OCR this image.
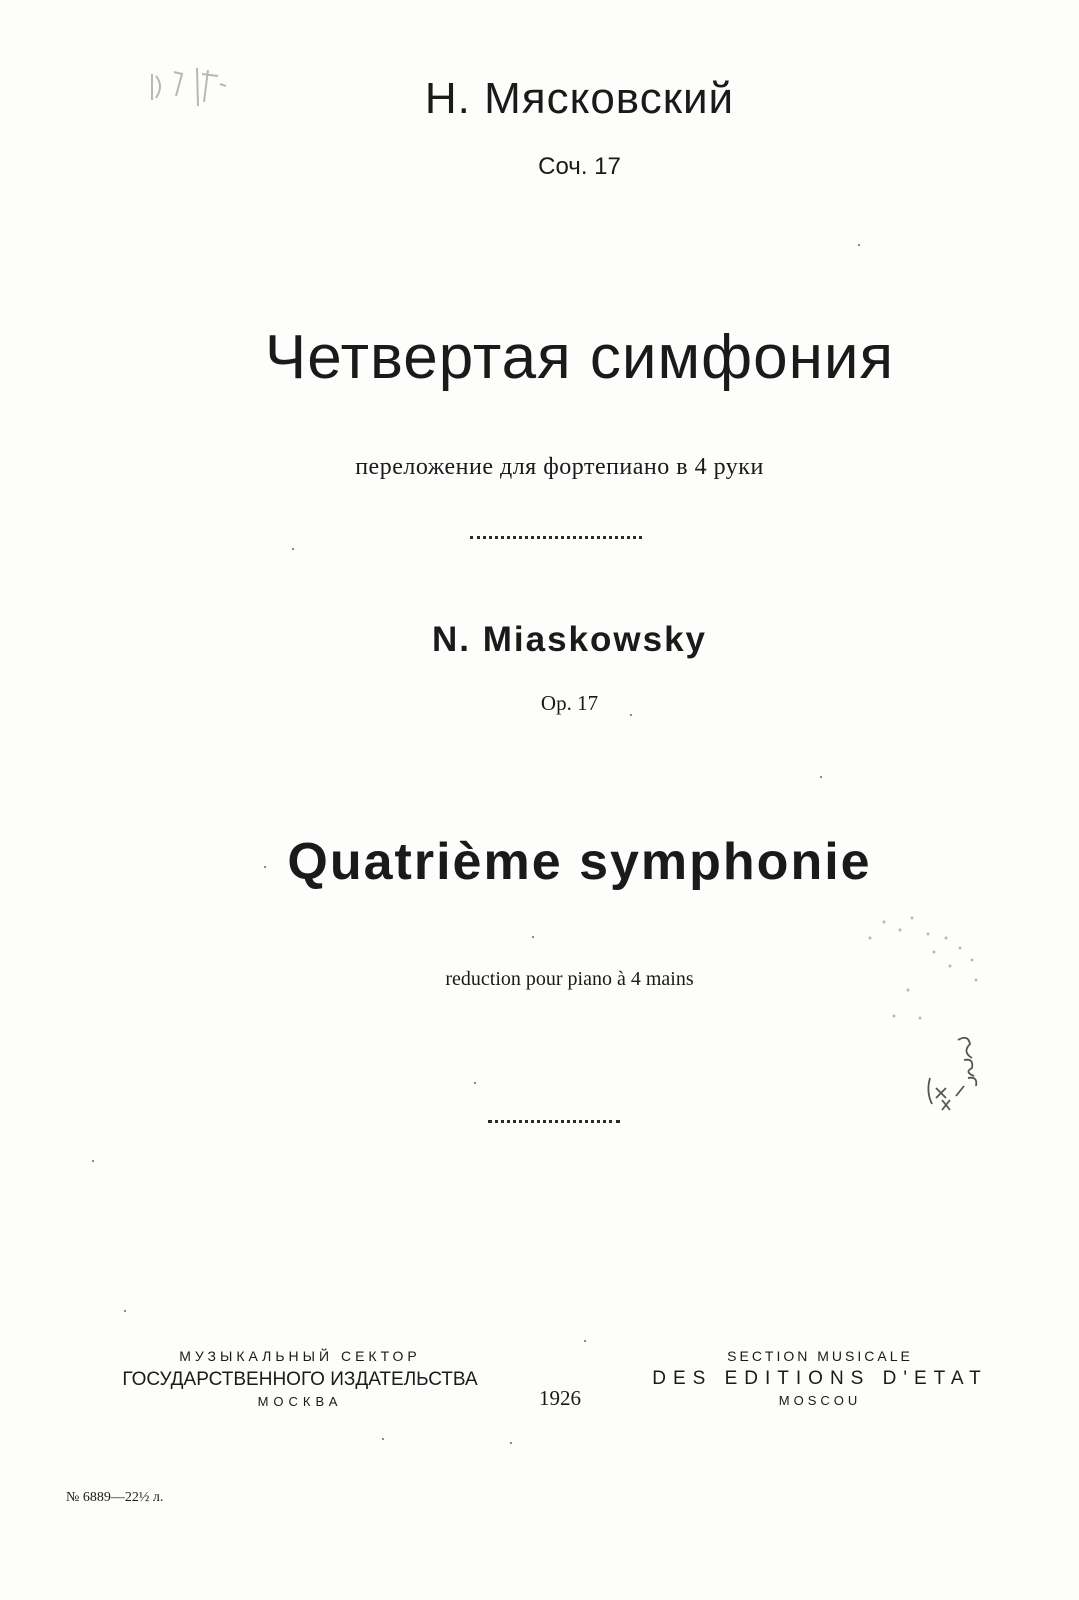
Н. Мясковский

Соч. 17

Четвертая симфония

переложение для фортепиано в 4 руки

N. Miaskowsky

Op. 17

Quatrième symphonie

reduction pour piano à 4 mains

МУЗЫКАЛЬНЫЙ СЕКТОР
ГОСУДАРСТВЕННОГО ИЗДАТЕЛЬСТВА
МОСКВА	1926
SECTION MUSICALE
DES EDITIONS D'ETAT
MOSCOU
№ 6889—22½ л.
